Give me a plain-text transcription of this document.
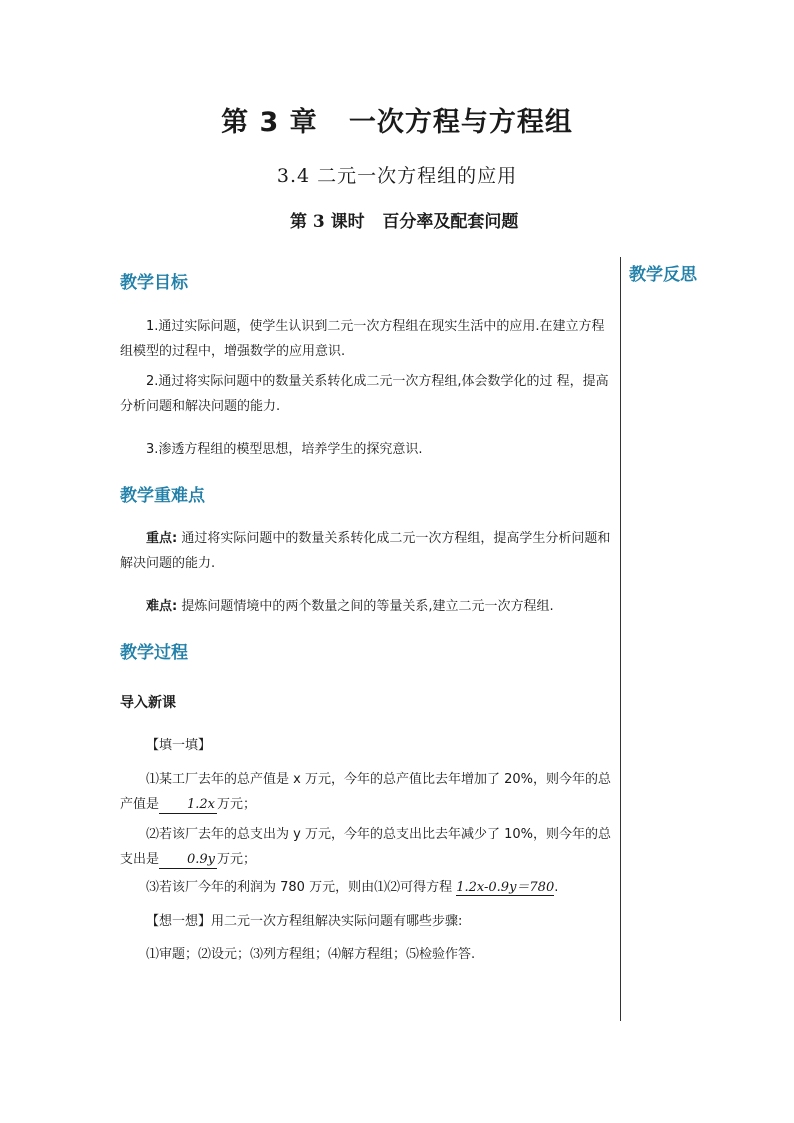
第 3 章   一次方程与方程组
3.4 二元一次方程组的应用
第 3 课时   百分率及配套问题
教学反思
教学目标
1.通过实际问题，使学生认识到二元一次方程组在现实生活中的应用.在建立方程组模型的过程中，增强数学的应用意识.
2.通过将实际问题中的数量关系转化成二元一次方程组,体会数学化的过 程，提高分析问题和解决问题的能力.
3.渗透方程组的模型思想，培养学生的探究意识.
教学重难点
重点: 通过将实际问题中的数量关系转化成二元一次方程组，提高学生分析问题和解决问题的能力.
难点: 提炼问题情境中的两个数量之间的等量关系,建立二元一次方程组.
教学过程
导入新课
【填一填】
⑴某工厂去年的总产值是 x 万元，今年的总产值比去年增加了 20%，则今年的总产值是 1.2x 万元；
⑵若该厂去年的总支出为 y 万元，今年的总支出比去年减少了 10%，则今年的总支出是 0.9y 万元；
⑶若该厂今年的利润为 780 万元，则由⑴⑵可得方程 1.2x-0.9y＝780.
【想一想】用二元一次方程组解决实际问题有哪些步骤:
⑴审题；⑵设元；⑶列方程组；⑷解方程组；⑸检验作答.
